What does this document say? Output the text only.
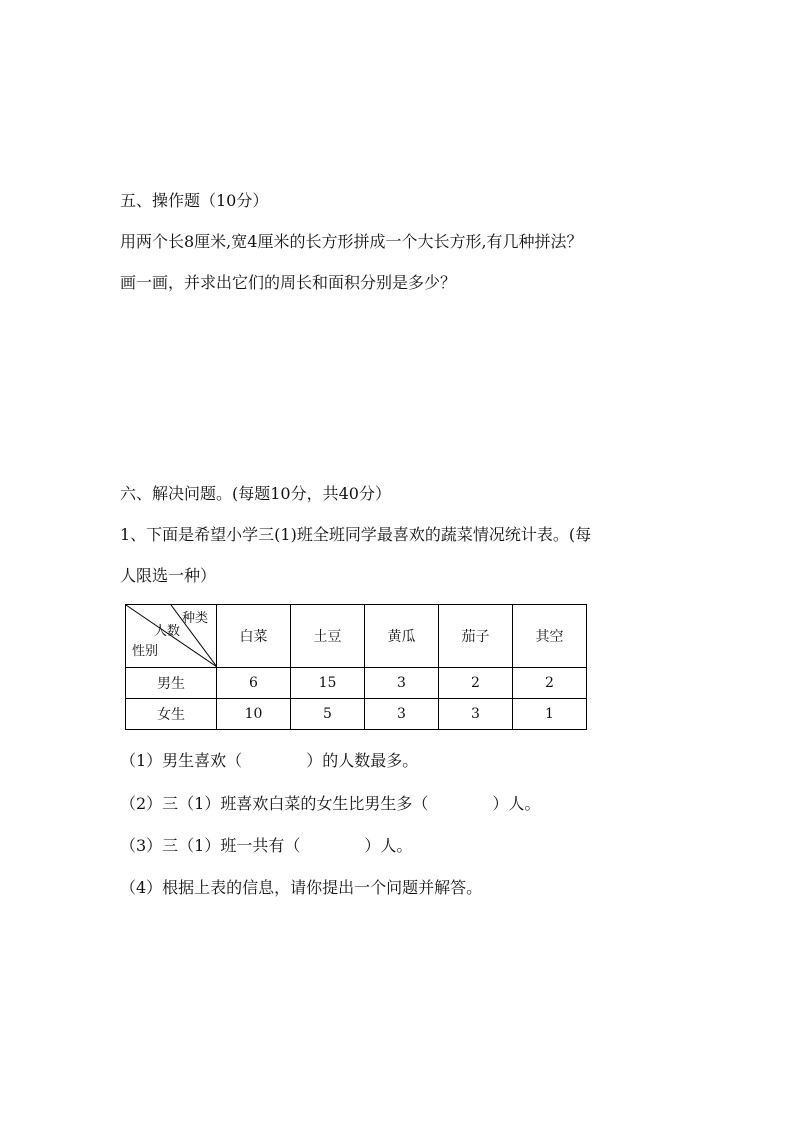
五、操作题（10分）
用两个长8厘米,宽4厘米的长方形拼成一个大长方形,有几种拼法？
画一画，并求出它们的周长和面积分别是多少？
六、解决问题。(每题10分，共40分）
1、下面是希望小学三(1)班全班同学最喜欢的蔬菜情况统计表。(每
人限选一种）
种类
人数
性别	白菜	土豆	黄瓜	茄子	其空
男生	6	15	3	2	2
女生	10	5	3	3	1
（1）男生喜欢（	）的人数最多。
（2）三（1）班喜欢白菜的女生比男生多（	）人。
（3）三（1）班一共有（	）人。
（4）根据上表的信息，请你提出一个问题并解答。
